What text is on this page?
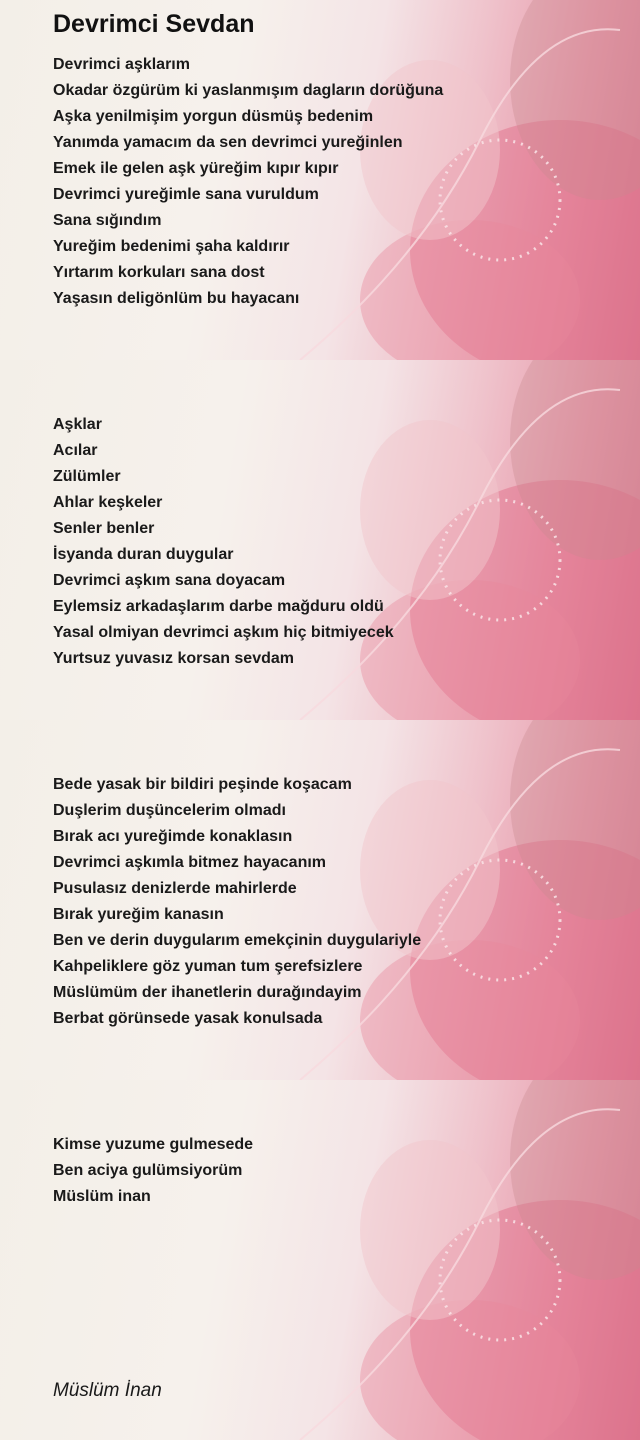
Devrimci Sevdan
Devrimci aşklarım
Okadar özgürüm ki yaslanmışım dagların dorüğuna
Aşka yenilmişim yorgun düsmüş bedenim
Yanımda yamacım da sen devrimci yureğinlen
Emek ile gelen aşk yüreğim kıpır kıpır
Devrimci yureğimle sana vuruldum
Sana sığındım
Yureğim bedenimi şaha kaldırır
Yırtarım korkuları sana dost
Yaşasın deligönlüm bu hayacanı
Aşklar
Acılar
Zülümler
Ahlar keşkeler
Senler benler
İsyanda duran duygular
Devrimci aşkım sana doyacam
Eylemsiz arkadaşlarım darbe mağduru oldü
Yasal olmiyan devrimci aşkım hiç bitmiyecek
Yurtsuz yuvasız korsan sevdam
Bede yasak bir bildiri peşinde koşacam
Duşlerim duşüncelerim olmadı
Bırak acı yureğimde konaklasın
Devrimci aşkımla bitmez hayacanım
Pusulasız denizlerde mahirlerde
Bırak yureğim kanasın
Ben ve derin duygularım emekçinin duygulariyle
Kahpeliklere göz yuman tum şerefsizlere
Müslümüm der ihanetlerin durağındayim
Berbat görünsede yasak konulsada
Kimse yuzume gulmesede
Ben aciya gulümsiyorüm
Müslüm inan
Müslüm İnan
